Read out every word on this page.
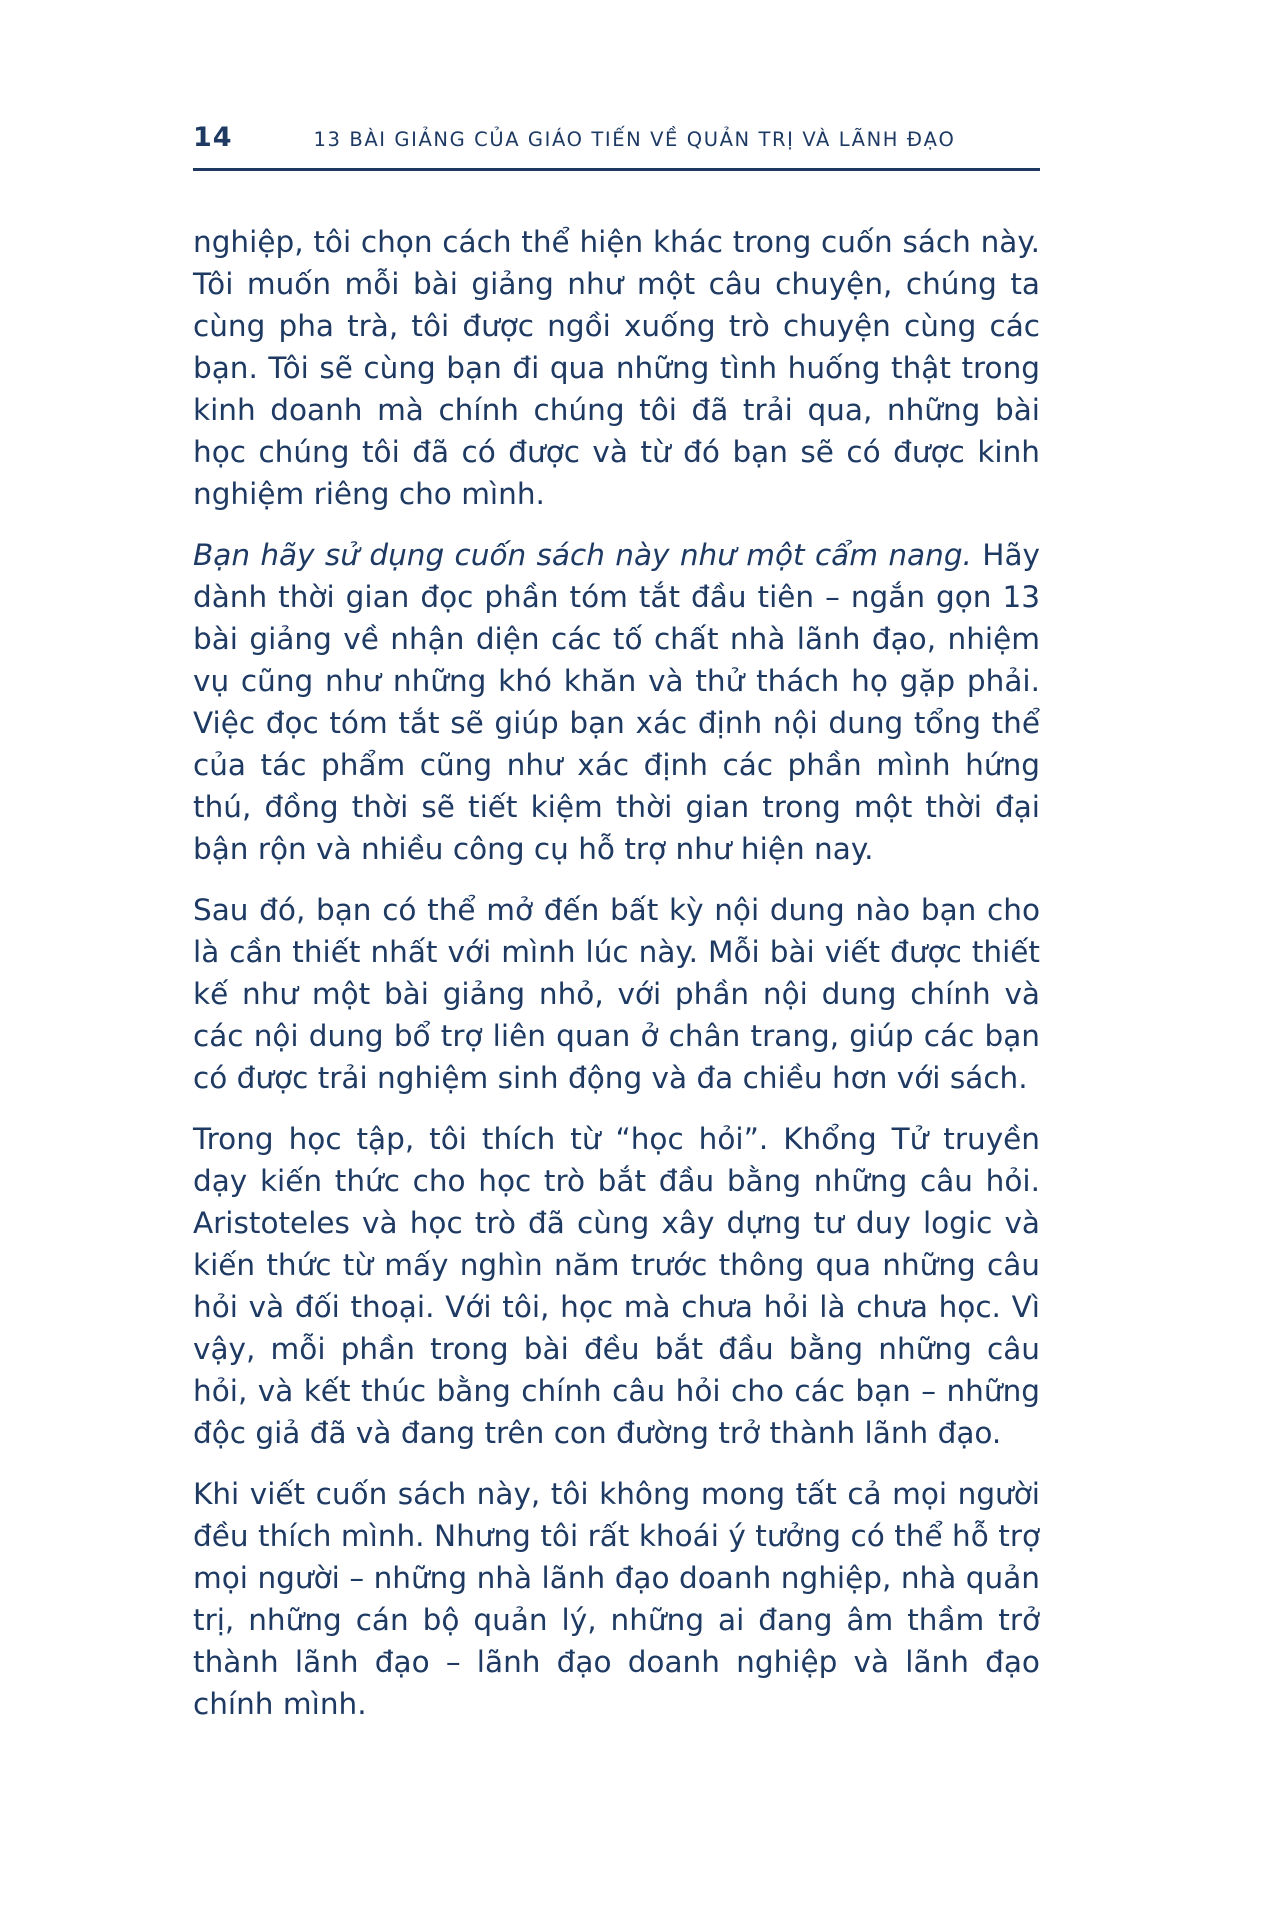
14	13 BÀI GIẢNG CỦA GIÁO TIẾN VỀ QUẢN TRỊ VÀ LÃNH ĐẠO

nghiệp, tôi chọn cách thể hiện khác trong cuốn sách này. Tôi muốn mỗi bài giảng như một câu chuyện, chúng ta cùng pha trà, tôi được ngồi xuống trò chuyện cùng các bạn. Tôi sẽ cùng bạn đi qua những tình huống thật trong kinh doanh mà chính chúng tôi đã trải qua, những bài học chúng tôi đã có được và từ đó bạn sẽ có được kinh nghiệm riêng cho mình.

Bạn hãy sử dụng cuốn sách này như một cẩm nang. Hãy dành thời gian đọc phần tóm tắt đầu tiên – ngắn gọn 13 bài giảng về nhận diện các tố chất nhà lãnh đạo, nhiệm vụ cũng như những khó khăn và thử thách họ gặp phải. Việc đọc tóm tắt sẽ giúp bạn xác định nội dung tổng thể của tác phẩm cũng như xác định các phần mình hứng thú, đồng thời sẽ tiết kiệm thời gian trong một thời đại bận rộn và nhiều công cụ hỗ trợ như hiện nay.

Sau đó, bạn có thể mở đến bất kỳ nội dung nào bạn cho là cần thiết nhất với mình lúc này. Mỗi bài viết được thiết kế như một bài giảng nhỏ, với phần nội dung chính và các nội dung bổ trợ liên quan ở chân trang, giúp các bạn có được trải nghiệm sinh động và đa chiều hơn với sách.

Trong học tập, tôi thích từ “học hỏi”. Khổng Tử truyền dạy kiến thức cho học trò bắt đầu bằng những câu hỏi. Aristoteles và học trò đã cùng xây dựng tư duy logic và kiến thức từ mấy nghìn năm trước thông qua những câu hỏi và đối thoại. Với tôi, học mà chưa hỏi là chưa học. Vì vậy, mỗi phần trong bài đều bắt đầu bằng những câu hỏi, và kết thúc bằng chính câu hỏi cho các bạn – những độc giả đã và đang trên con đường trở thành lãnh đạo.

Khi viết cuốn sách này, tôi không mong tất cả mọi người đều thích mình. Nhưng tôi rất khoái ý tưởng có thể hỗ trợ mọi người – những nhà lãnh đạo doanh nghiệp, nhà quản trị, những cán bộ quản lý, những ai đang âm thầm trở thành lãnh đạo – lãnh đạo doanh nghiệp và lãnh đạo chính mình.
